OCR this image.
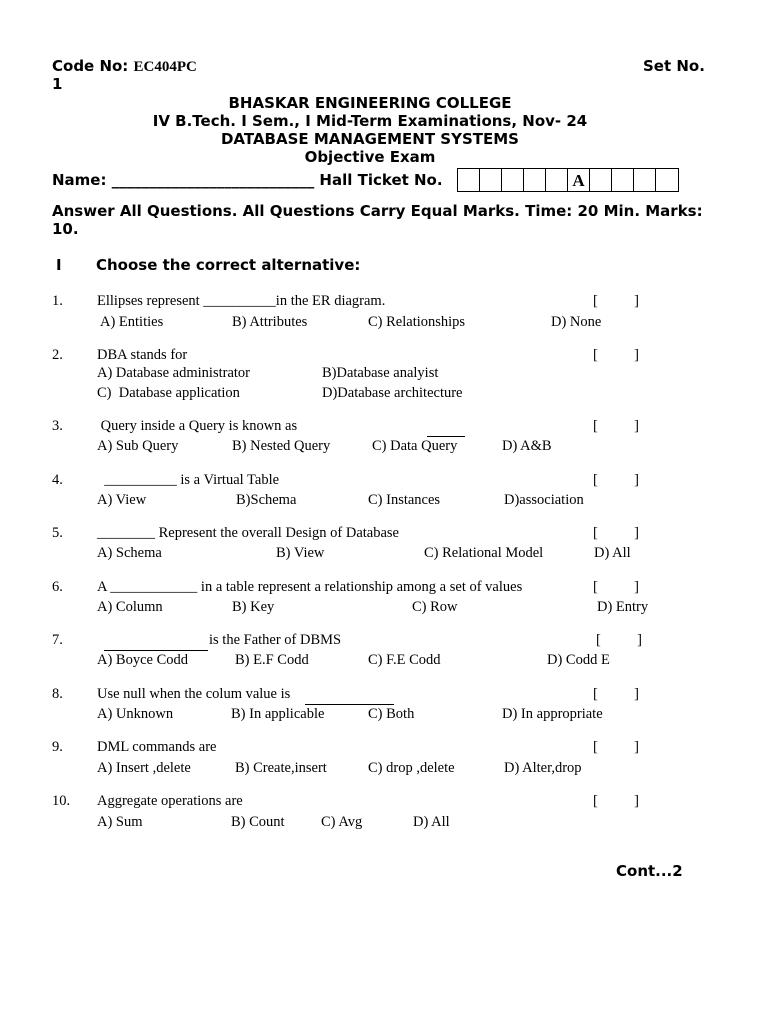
Code No: EC404PC	Set No.
1
BHASKAR ENGINEERING COLLEGE
IV B.Tech. I Sem., I Mid-Term Examinations, Nov- 24
DATABASE MANAGEMENT SYSTEMS
Objective Exam
Name: ___________________________ Hall Ticket No.	A
Answer All Questions. All Questions Carry Equal Marks. Time: 20 Min. Marks:
10.
I Choose the correct alternative:
1. Ellipses represent __________in the ER diagram.	[          ]
A) Entities	B) Attributes	C) Relationships	D) None
2. DBA stands for	[          ]
A) Database administrator	B)Database analyist
C)  Database application	D)Database architecture
3. Query inside a Query is known as	[          ]
A) Sub Query	B) Nested Query	C) Data Query	D) A&B
4. __________ is a Virtual Table	[          ]
A) View	B)Schema	C) Instances	D)association
5. ________ Represent the overall Design of Database	[          ]
A) Schema	B) View	C) Relational Model	D) All
6. A ____________ in a table represent a relationship among a set of values	[          ]
A) Column	B) Key	C) Row	D) Entry
7.	is the Father of DBMS	[          ]
A) Boyce Codd	B) E.F Codd	C) F.E Codd	D) Codd E
8. Use null when the colum value is	[          ]
A) Unknown	B) In applicable	C) Both	D) In appropriate
9. DML commands are	[          ]
A) Insert ,delete	B) Create,insert	C) drop ,delete	D) Alter,drop
10. Aggregate operations are	[          ]
A) Sum	B) Count	C) Avg	D) All
Cont...2
